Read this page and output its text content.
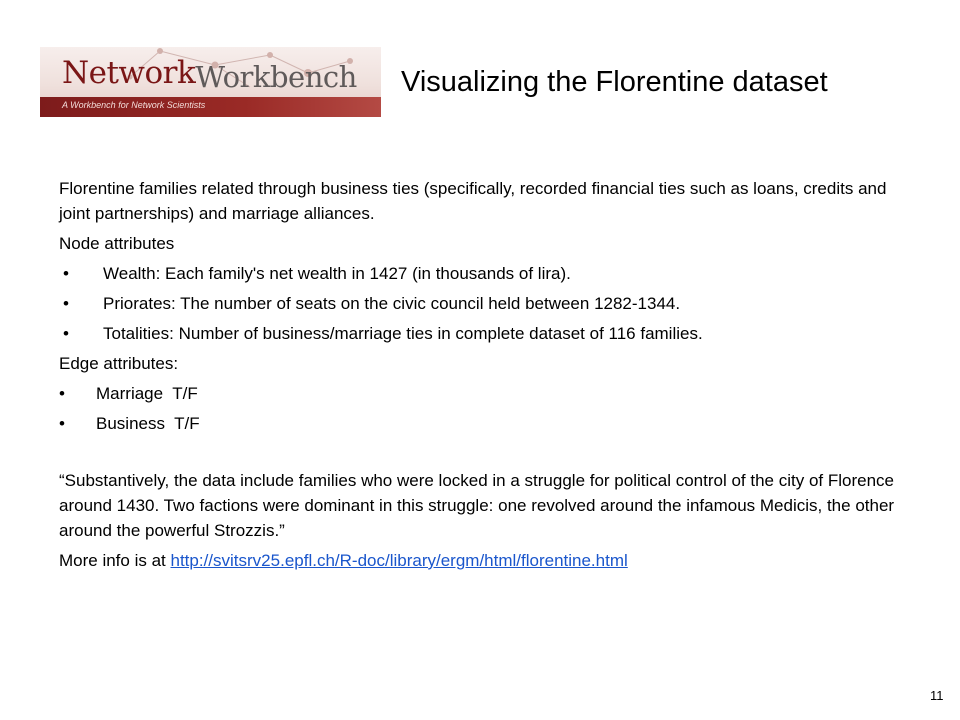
NetworkWorkbench
A Workbench for Network Scientists
Visualizing the Florentine dataset

Florentine families related through business ties (specifically, recorded financial ties such as loans, credits and joint partnerships) and marriage alliances.

Node attributes

•	Wealth: Each family's net wealth in 1427 (in thousands of lira).
•	Priorates: The number of seats on the civic council held between 1282-1344.
•	Totalities: Number of business/marriage ties in complete dataset of 116 families.

Edge attributes:

•	Marriage  T/F
•	Business  T/F

“Substantively, the data include families who were locked in a struggle for political control of the city of Florence around 1430. Two factions were dominant in this struggle: one revolved around the infamous Medicis, the other around the powerful Strozzis.”

More info is at http://svitsrv25.epfl.ch/R-doc/library/ergm/html/florentine.html

11
